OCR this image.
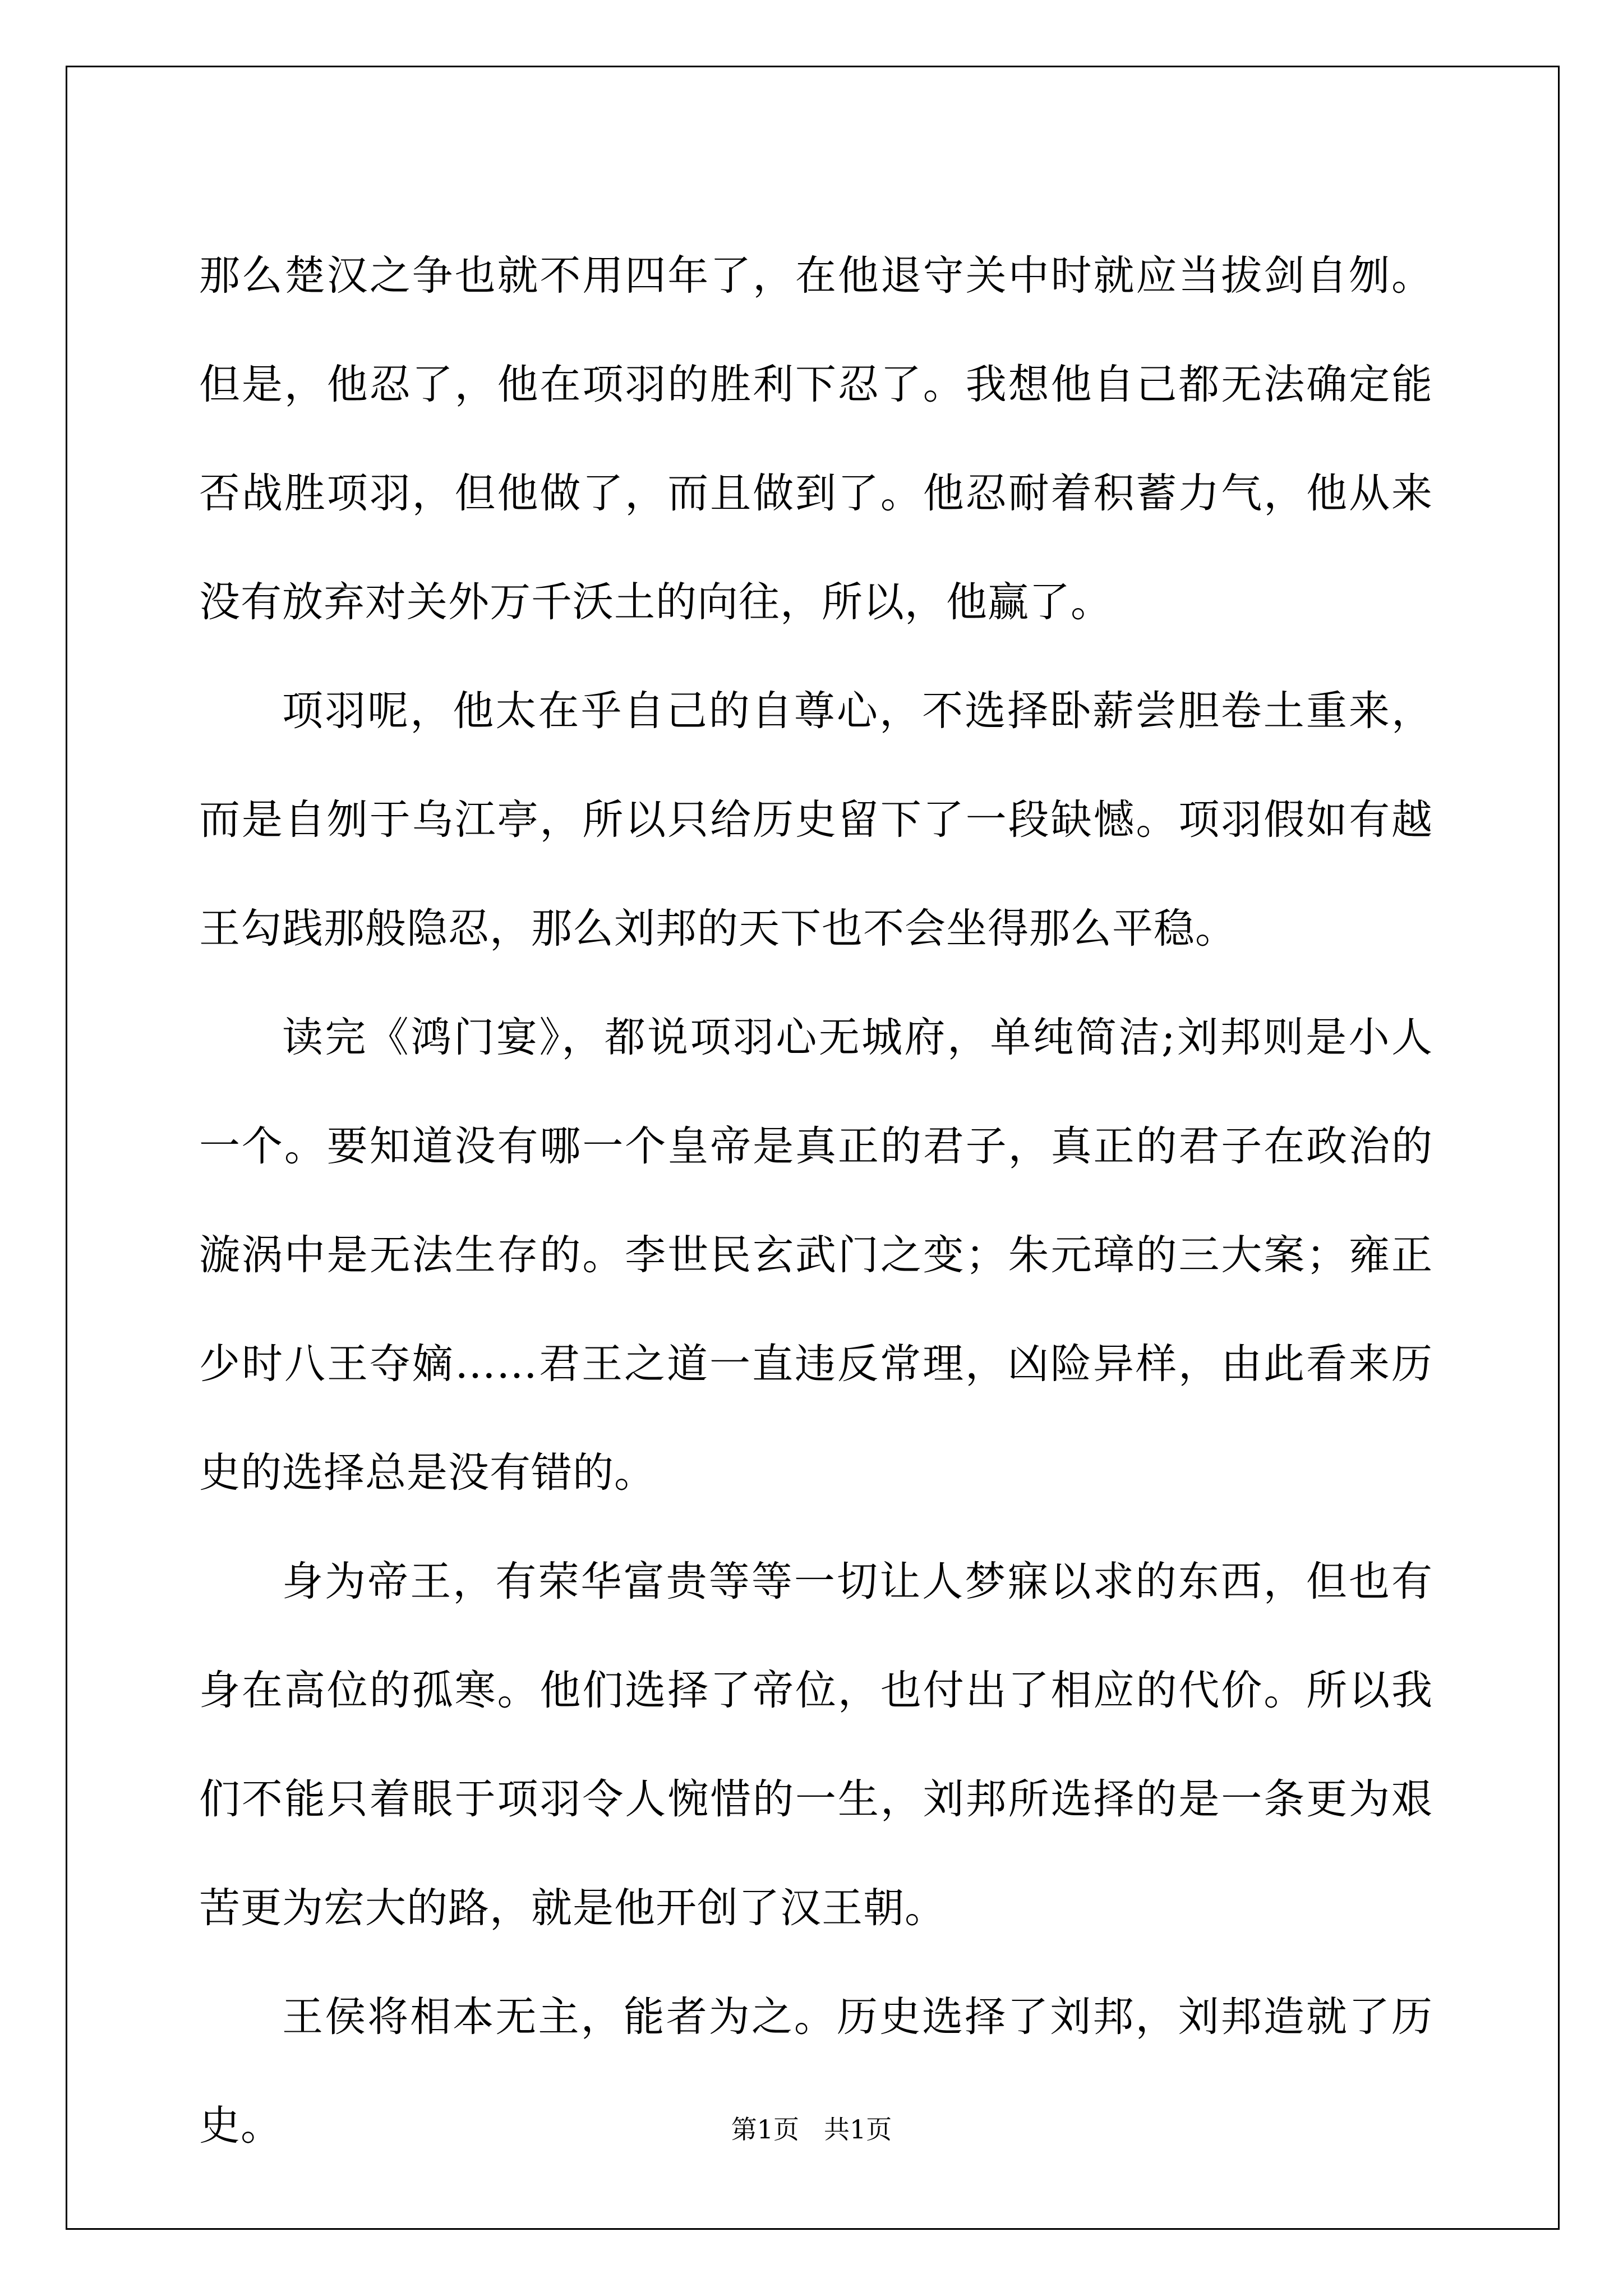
那么楚汉之争也就不用四年了，在他退守关中时就应当拔剑自刎。但是，他忍了，他在项羽的胜利下忍了。我想他自己都无法确定能否战胜项羽，但他做了，而且做到了。他忍耐着积蓄力气，他从来没有放弃对关外万千沃土的向往，所以，他赢了。

项羽呢，他太在乎自己的自尊心，不选择卧薪尝胆卷土重来，而是自刎于乌江亭，所以只给历史留下了一段缺憾。项羽假如有越王勾践那般隐忍，那么刘邦的天下也不会坐得那么平稳。

读完《鸿门宴》，都说项羽心无城府，单纯简洁;刘邦则是小人一个。要知道没有哪一个皇帝是真正的君子，真正的君子在政治的漩涡中是无法生存的。李世民玄武门之变；朱元璋的三大案；雍正少时八王夺嫡……君王之道一直违反常理，凶险异样，由此看来历史的选择总是没有错的。

身为帝王，有荣华富贵等等一切让人梦寐以求的东西，但也有身在高位的孤寒。他们选择了帝位，也付出了相应的代价。所以我们不能只着眼于项羽令人惋惜的一生，刘邦所选择的是一条更为艰苦更为宏大的路，就是他开创了汉王朝。

王侯将相本无主，能者为之。历史选择了刘邦，刘邦造就了历史。	第1页 共1页
